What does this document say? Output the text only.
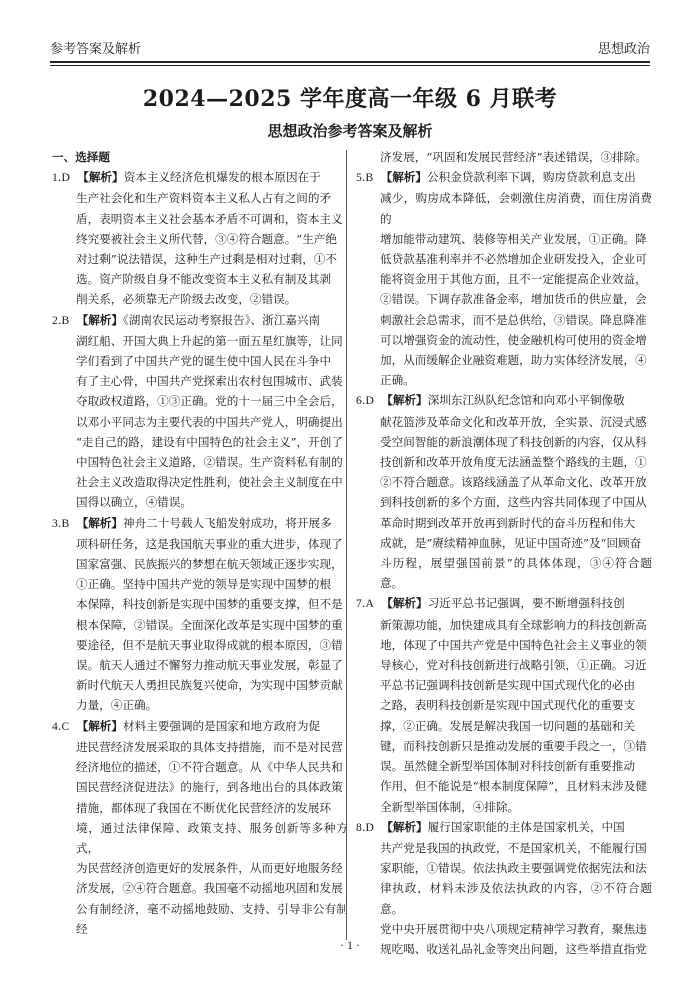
参考答案及解析	思想政治
2024—2025 学年度高一年级 6 月联考
思想政治参考答案及解析
一、选择题
1.D 【解析】资本主义经济危机爆发的根本原因在于
生产社会化和生产资料资本主义私人占有之间的矛
盾，表明资本主义社会基本矛盾不可调和，资本主义
终究要被社会主义所代替，③④符合题意。“生产绝
对过剩”说法错误，这种生产过剩是相对过剩，①不
选。资产阶级自身不能改变资本主义私有制及其剥
削关系，必须靠无产阶级去改变，②错误。
2.B 【解析】《湖南农民运动考察报告》、浙江嘉兴南
湖红船、开国大典上升起的第一面五星红旗等，让同
学们看到了中国共产党的诞生使中国人民在斗争中
有了主心骨，中国共产党探索出农村包围城市、武装
夺取政权道路，①③正确。党的十一届三中全会后，
以邓小平同志为主要代表的中国共产党人，明确提出
“走自己的路，建设有中国特色的社会主义”，开创了
中国特色社会主义道路，②错误。生产资料私有制的
社会主义改造取得决定性胜利，使社会主义制度在中
国得以确立，④错误。
3.B 【解析】神舟二十号载人飞船发射成功，将开展多
项科研任务，这是我国航天事业的重大进步，体现了
国家富强、民族振兴的梦想在航天领域正逐步实现，
①正确。坚持中国共产党的领导是实现中国梦的根
本保障，科技创新是实现中国梦的重要支撑，但不是
根本保障，②错误。全面深化改革是实现中国梦的重
要途径，但不是航天事业取得成就的根本原因，③错
误。航天人通过不懈努力推动航天事业发展，彰显了
新时代航天人勇担民族复兴使命，为实现中国梦贡献
力量，④正确。
4.C 【解析】材料主要强调的是国家和地方政府为促
进民营经济发展采取的具体支持措施，而不是对民营
经济地位的描述，①不符合题意。从《中华人民共和
国民营经济促进法》的施行，到各地出台的具体政策
措施，都体现了我国在不断优化民营经济的发展环
境，通过法律保障、政策支持、服务创新等多种方式，
为民营经济创造更好的发展条件，从而更好地服务经
济发展，②④符合题意。我国毫不动摇地巩固和发展
公有制经济，毫不动摇地鼓励、支持、引导非公有制经
济发展，“巩固和发展民营经济”表述错误，③排除。
5.B 【解析】公积金贷款利率下调，购房贷款利息支出
减少，购房成本降低，会刺激住房消费，而住房消费的
增加能带动建筑、装修等相关产业发展，①正确。降
低贷款基准利率并不必然增加企业研发投入，企业可
能将资金用于其他方面，且不一定能提高企业效益，
②错误。下调存款准备金率，增加货币的供应量，会
刺激社会总需求，而不是总供给，③错误。降息降准
可以增强资金的流动性，使金融机构可使用的资金增
加，从而缓解企业融资难题，助力实体经济发展，④
正确。
6.D 【解析】深圳东江纵队纪念馆和向邓小平铜像敬
献花篮涉及革命文化和改革开放，全实景、沉浸式感
受空间智能的新浪潮体现了科技创新的内容，仅从科
技创新和改革开放角度无法涵盖整个路线的主题，①
②不符合题意。该路线涵盖了从革命文化、改革开放
到科技创新的多个方面，这些内容共同体现了中国从
革命时期到改革开放再到新时代的奋斗历程和伟大
成就，是“赓续精神血脉，见证中国奇迹”及“回顾奋
斗历程，展望强国前景”的具体体现，③④符合题意。
7.A 【解析】习近平总书记强调，要不断增强科技创
新策源功能，加快建成具有全球影响力的科技创新高
地，体现了中国共产党是中国特色社会主义事业的领
导核心，党对科技创新进行战略引领，①正确。习近
平总书记强调科技创新是实现中国式现代化的必由
之路，表明科技创新是实现中国式现代化的重要支
撑，②正确。发展是解决我国一切问题的基础和关
键，而科技创新只是推动发展的重要手段之一，③错
误。虽然健全新型举国体制对科技创新有重要推动
作用，但不能说是“根本制度保障”，且材料未涉及健
全新型举国体制，④排除。
8.D 【解析】履行国家职能的主体是国家机关，中国
共产党是我国的执政党，不是国家机关，不能履行国
家职能，①错误。依法执政主要强调党依据宪法和法
律执政，材料未涉及依法执政的内容，②不符合题意。
党中央开展贯彻中央八项规定精神学习教育，聚焦违
规吃喝、收送礼品礼金等突出问题，这些举措直指党
· 1 ·
